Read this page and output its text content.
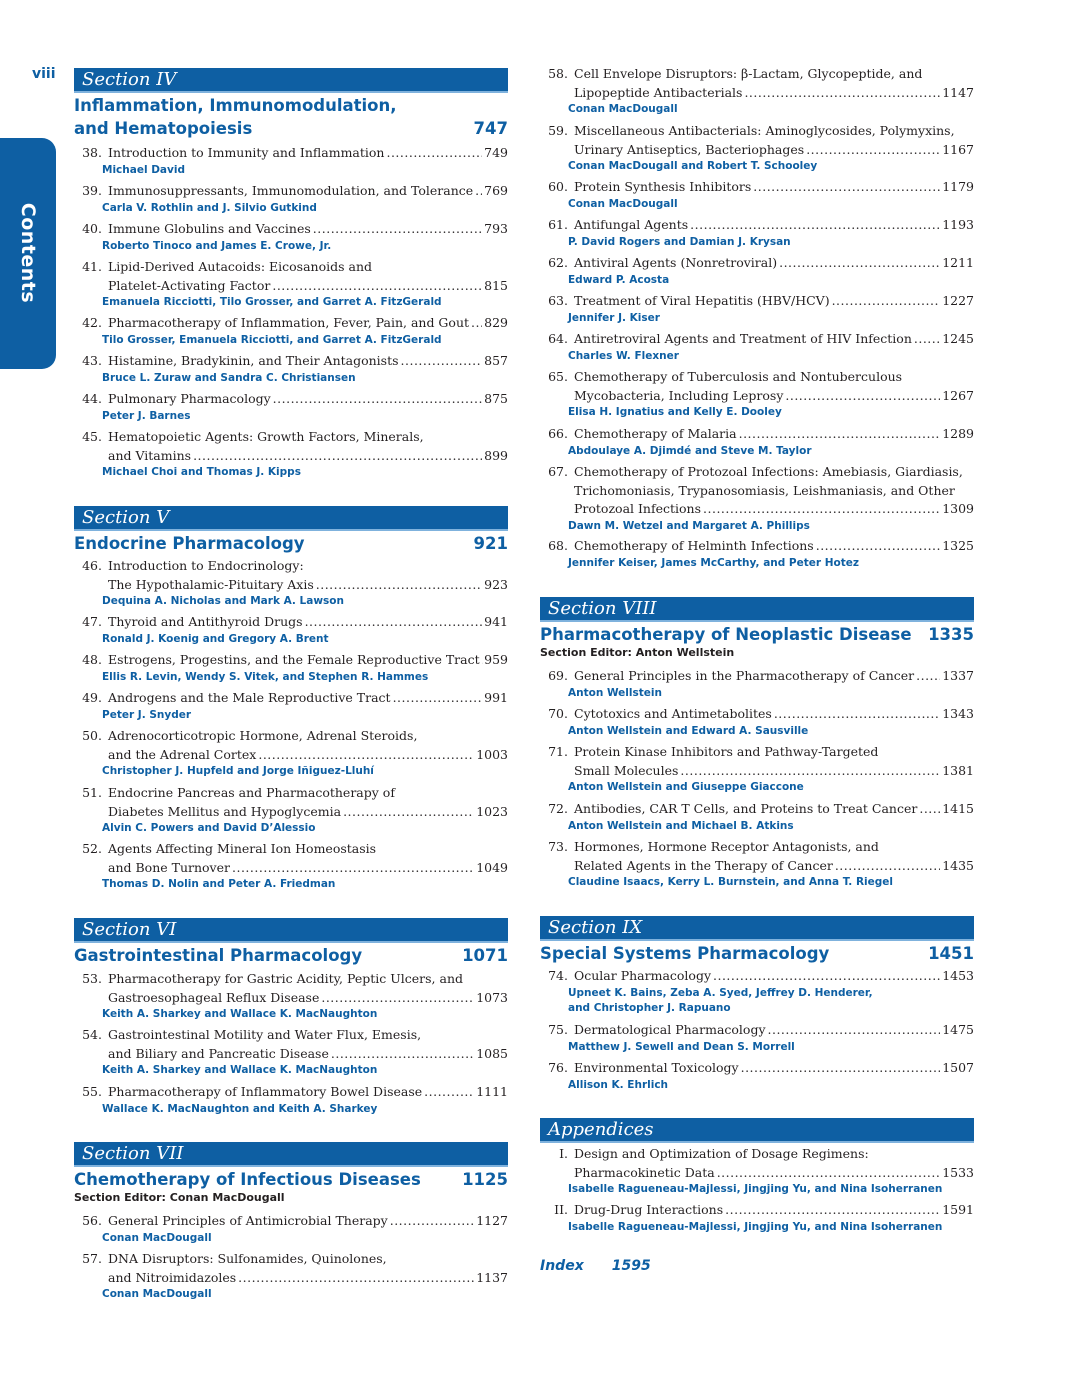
viii
Contents
Section IV
Inflammation, Immunomodulation,
and Hematopoiesis	747
38. Introduction to Immunity and Inflammation .....	749
Michael David
39. Immunosuppressants, Immunomodulation, and Tolerance ..... 769
Carla V. Rothlin and J. Silvio Gutkind
40. Immune Globulins and Vaccines .....	793
Roberto Tinoco and James E. Crowe, Jr.
41. Lipid-Derived Autacoids: Eicosanoids and
Platelet-Activating Factor .....	815
Emanuela Ricciotti, Tilo Grosser, and Garret A. FitzGerald
42. Pharmacotherapy of Inflammation, Fever, Pain, and Gout ..... 829
Tilo Grosser, Emanuela Ricciotti, and Garret A. FitzGerald
43. Histamine, Bradykinin, and Their Antagonists .....	857
Bruce L. Zuraw and Sandra C. Christiansen
44. Pulmonary Pharmacology .....	875
Peter J. Barnes
45. Hematopoietic Agents: Growth Factors, Minerals,
and Vitamins .....	899
Michael Choi and Thomas J. Kipps
Section V
Endocrine Pharmacology	921
46. Introduction to Endocrinology:
The Hypothalamic-Pituitary Axis .....	923
Dequina A. Nicholas and Mark A. Lawson
47. Thyroid and Antithyroid Drugs .....	941
Ronald J. Koenig and Gregory A. Brent
48. Estrogens, Progestins, and the Female Reproductive Tract ..... 959
Ellis R. Levin, Wendy S. Vitek, and Stephen R. Hammes
49. Androgens and the Male Reproductive Tract .....	991
Peter J. Snyder
50. Adrenocorticotropic Hormone, Adrenal Steroids,
and the Adrenal Cortex .....	1003
Christopher J. Hupfeld and Jorge Iñiguez-Lluhí
51. Endocrine Pancreas and Pharmacotherapy of
Diabetes Mellitus and Hypoglycemia .....	1023
Alvin C. Powers and David D’Alessio
52. Agents Affecting Mineral Ion Homeostasis
and Bone Turnover .....	1049
Thomas D. Nolin and Peter A. Friedman
Section VI
Gastrointestinal Pharmacology	1071
53. Pharmacotherapy for Gastric Acidity, Peptic Ulcers, and
Gastroesophageal Reflux Disease .....	1073
Keith A. Sharkey and Wallace K. MacNaughton
54. Gastrointestinal Motility and Water Flux, Emesis,
and Biliary and Pancreatic Disease .....	1085
Keith A. Sharkey and Wallace K. MacNaughton
55. Pharmacotherapy of Inflammatory Bowel Disease .....	1111
Wallace K. MacNaughton and Keith A. Sharkey
Section VII
Chemotherapy of Infectious Diseases	1125
Section Editor: Conan MacDougall
56. General Principles of Antimicrobial Therapy .....	1127
Conan MacDougall
57. DNA Disruptors: Sulfonamides, Quinolones,
and Nitroimidazoles .....	1137
Conan MacDougall
58. Cell Envelope Disruptors: β-Lactam, Glycopeptide, and
Lipopeptide Antibacterials .....	1147
Conan MacDougall
59. Miscellaneous Antibacterials: Aminoglycosides, Polymyxins,
Urinary Antiseptics, Bacteriophages .....	1167
Conan MacDougall and Robert T. Schooley
60. Protein Synthesis Inhibitors .....	1179
Conan MacDougall
61. Antifungal Agents .....	1193
P. David Rogers and Damian J. Krysan
62. Antiviral Agents (Nonretroviral) .....	1211
Edward P. Acosta
63. Treatment of Viral Hepatitis (HBV/HCV) .....	1227
Jennifer J. Kiser
64. Antiretroviral Agents and Treatment of HIV Infection ..... 1245
Charles W. Flexner
65. Chemotherapy of Tuberculosis and Nontuberculous
Mycobacteria, Including Leprosy .....	1267
Elisa H. Ignatius and Kelly E. Dooley
66. Chemotherapy of Malaria .....	1289
Abdoulaye A. Djimdé and Steve M. Taylor
67. Chemotherapy of Protozoal Infections: Amebiasis, Giardiasis,
Trichomoniasis, Trypanosomiasis, Leishmaniasis, and Other
Protozoal Infections .....	1309
Dawn M. Wetzel and Margaret A. Phillips
68. Chemotherapy of Helminth Infections .....	1325
Jennifer Keiser, James McCarthy, and Peter Hotez
Section VIII
Pharmacotherapy of Neoplastic Disease 1335
Section Editor: Anton Wellstein
69. General Principles in the Pharmacotherapy of Cancer ..... 1337
Anton Wellstein
70. Cytotoxics and Antimetabolites .....	1343
Anton Wellstein and Edward A. Sausville
71. Protein Kinase Inhibitors and Pathway-Targeted
Small Molecules .....	1381
Anton Wellstein and Giuseppe Giaccone
72. Antibodies, CAR T Cells, and Proteins to Treat Cancer ..... 1415
Anton Wellstein and Michael B. Atkins
73. Hormones, Hormone Receptor Antagonists, and
Related Agents in the Therapy of Cancer .....	1435
Claudine Isaacs, Kerry L. Burnstein, and Anna T. Riegel
Section IX
Special Systems Pharmacology	1451
74. Ocular Pharmacology .....	1453
Upneet K. Bains, Zeba A. Syed, Jeffrey D. Henderer,
and Christopher J. Rapuano
75. Dermatological Pharmacology .....	1475
Matthew J. Sewell and Dean S. Morrell
76. Environmental Toxicology .....	1507
Allison K. Ehrlich
Appendices
I. Design and Optimization of Dosage Regimens:
Pharmacokinetic Data .....	1533
Isabelle Ragueneau-Majlessi, Jingjing Yu, and Nina Isoherranen
II. Drug-Drug Interactions .....	1591
Isabelle Ragueneau-Majlessi, Jingjing Yu, and Nina Isoherranen
Index 1595
